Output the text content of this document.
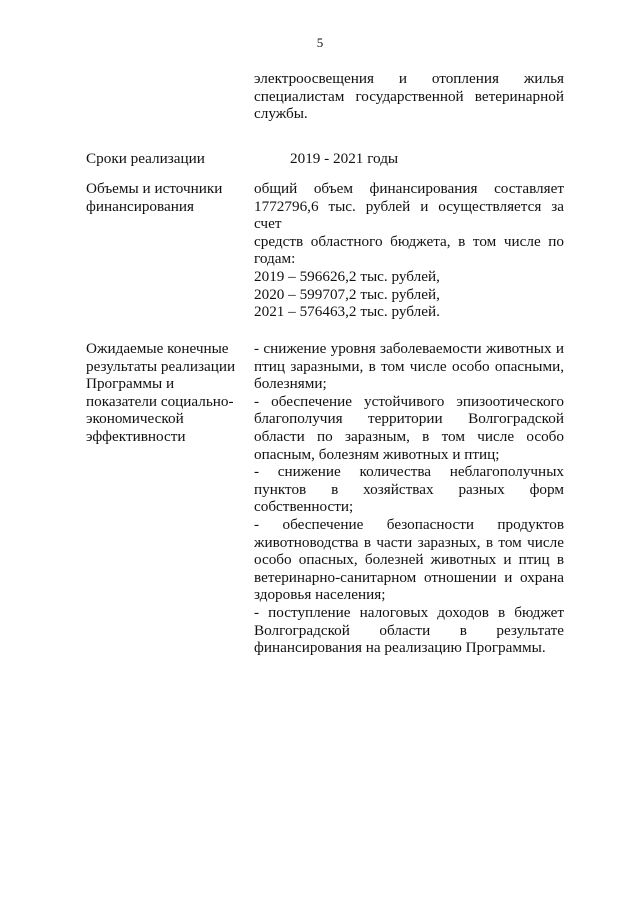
5
электроосвещения и отопления жилья
специалистам государственной ветеринарной
службы.
Сроки реализации	2019 - 2021 годы
Объемы и источники
финансирования
общий объем финансирования составляет
1772796,6 тыс. рублей и осуществляется за счет
средств областного бюджета, в том числе по
годам:
2019 – 596626,2 тыс. рублей,
2020 – 599707,2 тыс. рублей,
2021 – 576463,2 тыс. рублей.
Ожидаемые конечные
результаты реализации
Программы и
показатели социально-
экономической
эффективности
- снижение уровня заболеваемости животных и
птиц заразными, в том числе особо опасными,
болезнями;
- обеспечение устойчивого эпизоотического
благополучия территории Волгоградской
области по заразным, в том числе особо
опасным, болезням животных и птиц;
- снижение количества неблагополучных
пунктов в хозяйствах разных форм
собственности;
- обеспечение безопасности продуктов
животноводства в части заразных, в том числе
особо опасных, болезней животных и птиц в
ветеринарно-санитарном отношении и охрана
здоровья населения;
- поступление налоговых доходов в бюджет
Волгоградской области в результате
финансирования на реализацию Программы.
